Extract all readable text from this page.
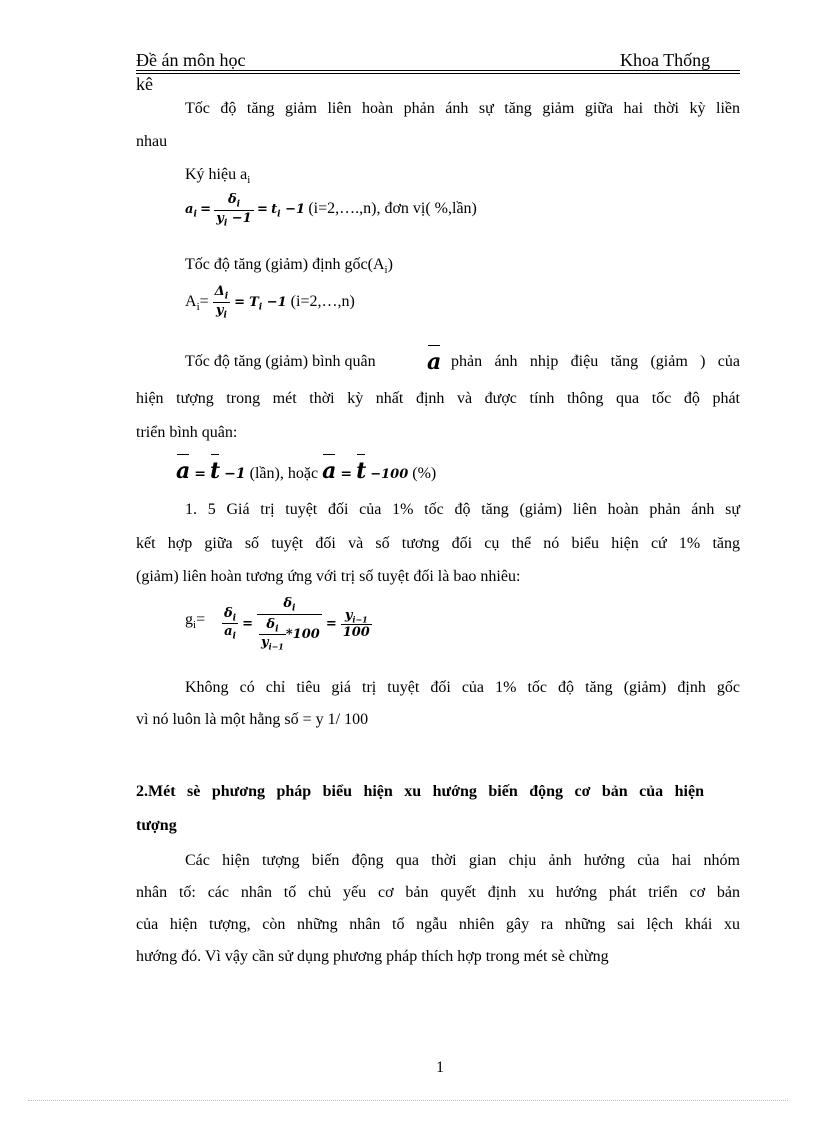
Đề án môn học	Khoa Thống
kê
Tốc độ tăng giảm liên hoàn phản ánh sự tăng giảm giữa hai thời kỳ liền
nhau
Ký hiệu $a_i$
$a_i = \frac{\delta_i}{y_i -1} = t_i -1$ (i=2,….,n), đơn vị( %,lần)
Tốc độ tăng (giảm) định $gốc(A_i)$
$A_i= \frac{\Delta_i}{y_i} = T_i -1$ (i=2,…,n)
Tốc độ tăng (giảm) bình quân a phản ánh nhịp điệu tăng (giảm ) của
hiện tượng trong mét thời kỳ nhất định và được tính thông qua tốc độ phát
triển bình quân:
a = t −1 (lần), hoặc a = t −100 (%)
1. 5 Giá trị tuyệt đối của 1% tốc độ tăng (giảm) liên hoàn phản ánh sự
kết hợp giữa số tuyệt đối và số tương đối cụ thể nó biểu hiện cứ 1% tăng
(giảm) liên hoàn tương ứng với trị số tuyệt đối là bao nhiêu:
$g_i= \frac{\delta_i}{a_i} = \frac{\delta_i}{\frac{\delta_i}{y_{i-1}} *100} = \frac{y_{i-1}}{100}$
Không có chỉ tiêu giá trị tuyệt đối của 1% tốc độ tăng (giảm) định gốc
vì nó luôn là một hằng số = y 1/ 100
2.Mét sè phương pháp biểu hiện xu hướng biến động cơ bản của hiện
tượng
Các hiện tượng biến động qua thời gian chịu ảnh hưởng của hai nhóm
nhân tố: các nhân tố chủ yếu cơ bản quyết định xu hướng phát triển cơ bản
của hiện tượng, còn những nhân tố ngẫu nhiên gây ra những sai lệch khái xu
hướng đó. Vì vậy cần sử dụng phương pháp thích hợp trong mét sè chừng
1
